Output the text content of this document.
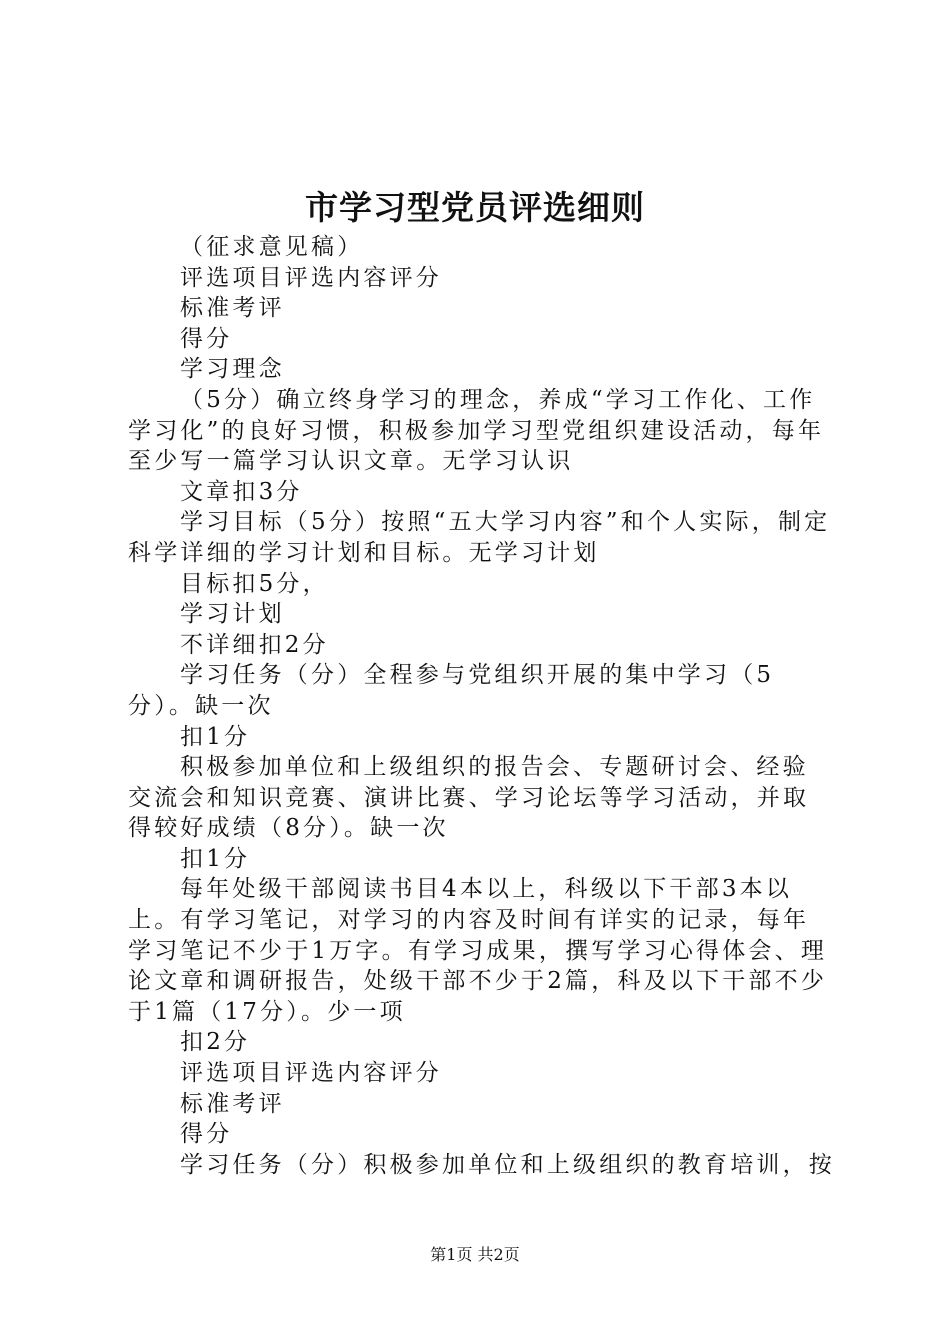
市学习型党员评选细则

（征求意见稿）

评选项目评选内容评分

标准考评

得分

学习理念

（5分）确立终身学习的理念，养成“学习工作化、工作学习化”的良好习惯，积极参加学习型党组织建设活动，每年至少写一篇学习认识文章。无学习认识

文章扣3分

学习目标（5分）按照“五大学习内容”和个人实际，制定科学详细的学习计划和目标。无学习计划

目标扣5分，

学习计划

不详细扣2分

学习任务（分）全程参与党组织开展的集中学习（5分）。缺一次

扣1分

积极参加单位和上级组织的报告会、专题研讨会、经验交流会和知识竞赛、演讲比赛、学习论坛等学习活动，并取得较好成绩（8分）。缺一次

扣1分

每年处级干部阅读书目4本以上，科级以下干部3本以上。有学习笔记，对学习的内容及时间有详实的记录，每年学习笔记不少于1万字。有学习成果，撰写学习心得体会、理论文章和调研报告，处级干部不少于2篇，科及以下干部不少于1篇（17分）。少一项

扣2分

评选项目评选内容评分

标准考评

得分

学习任务（分）积极参加单位和上级组织的教育培训，按

第1页 共2页
